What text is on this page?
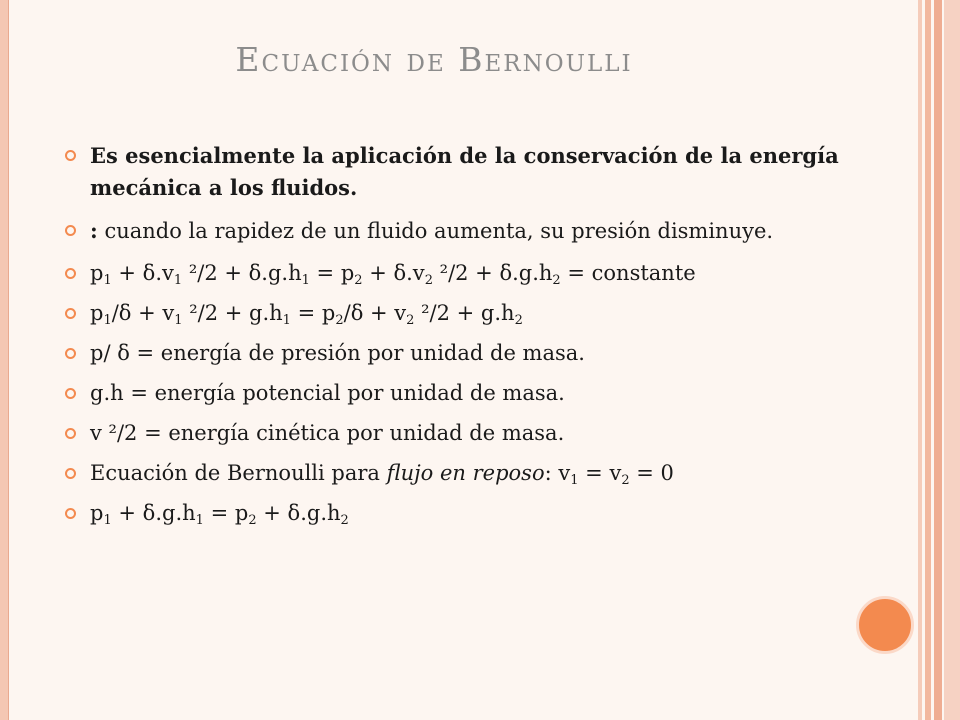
Ecuación de Bernoulli
Es esencialmente la aplicación de la conservación de la energía mecánica a los fluidos.
: cuando la rapidez de un fluido aumenta, su presión disminuye.
$p_1 + \delta.v_1$ $^2/2 + \delta.g.h_1 = p_2 + \delta.v_2$ $^2/2 + \delta.g.h_2$ = constante
$p_1/\delta + v_1$ $^2/2 + g.h_1 = p_2/\delta + v_2$ $^2/2 + g.h_2$
p/ δ = energía de presión por unidad de masa.
g.h = energía potencial por unidad de masa.
v ²/2 = energía cinética por unidad de masa.
Ecuación de Bernoulli para flujo en reposo: $v_1 = v_2 = 0$
$p_1 + \delta.g.h_1 = p_2 + \delta.g.h_2$
